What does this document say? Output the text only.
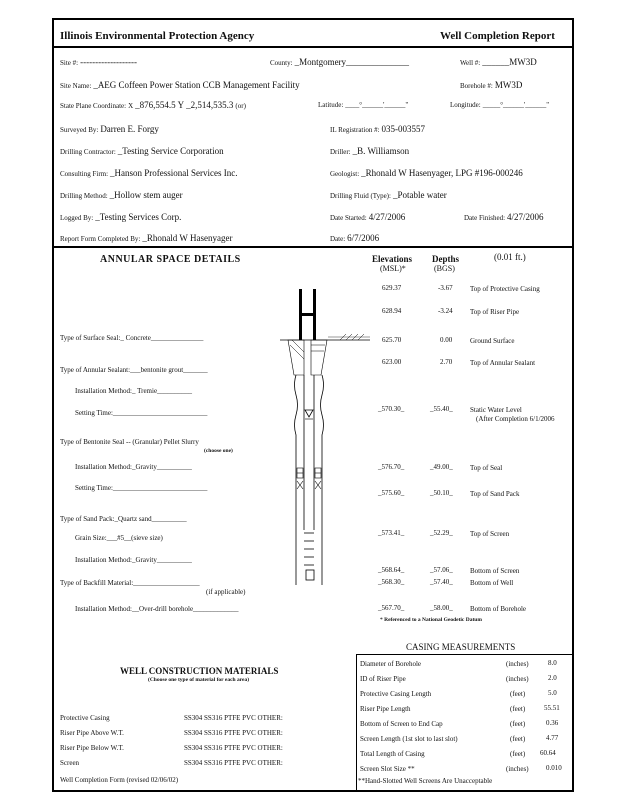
Illinois Environmental Protection Agency	Well Completion Report
Site #: -------------------	County: _Montgomery______________	Well #: ______MW3D
Site Name: _AEG Coffeen Power Station CCB Management Facility	Borehole #: MW3D
State Plane Coordinate: X _876,554.5 Y _2,514,535.3 (or)	Latitude: ____°______'______"	Longitude: _____°______'______"
Surveyed By: Darren E. Forgy	IL Registration #: 035-003557
Drilling Contractor: _Testing Service Corporation	Driller: _B. Williamson
Consulting Firm: _Hanson Professional Services Inc.	Geologist: _Rhonald W Hasenyager, LPG #196-000246
Drilling Method: _Hollow stem auger	Drilling Fluid (Type): _Potable water
Logged By: _Testing Services Corp.	Date Started: 4/27/2006	Date Finished: 4/27/2006
Report Form Completed By: _Rhonald W Hasenyager	Date: 6/7/2006
ANNULAR SPACE DETAILS	Elevations
(MSL)*
Depths
(BGS)
(0.01 ft.)
629.37	-3.67 Top of Protective Casing
628.94	-3.24 Top of Riser Pipe
625.70	0.00	Ground Surface
623.00	2.70	Top of Annular Sealant
_570.30_	_55.40_ Static Water Level
(After Completion 6/1/2006
_576.70_	_49.00_ Top of Seal
_575.60_	_50.10_ Top of Sand Pack
_573.41_	_52.29_ Top of Screen
_568.64_	_57.06_ Bottom of Screen
_568.30_	_57.40_ Bottom of Well
_567.70_	_58.00_ Bottom of Borehole
* Referenced to a National Geodetic Datum
Type of Surface Seal:_ Concrete_______________
Type of Annular Sealant:___bentonite grout_______
Installation Method:_ Tremie__________
Setting Time:___________________________
Type of Bentonite Seal -- (Granular) Pellet Slurry
(choose one)
Installation Method:_Gravity__________
Setting Time:___________________________
Type of Sand Pack:_Quartz sand__________
Grain Size:___#5__(sieve size)
Installation Method:_Gravity__________
Type of Backfill Material:___________________
(if applicable)
Installation Method:__Over-drill borehole_____________
WELL CONSTRUCTION MATERIALS
(Choose one type of material for each area)
Protective Casing	SS304 SS316 PTFE PVC OTHER:
Riser Pipe Above W.T.	SS304 SS316 PTFE PVC OTHER:
Riser Pipe Below W.T.	SS304 SS316 PTFE PVC OTHER:
Screen	SS304 SS316 PTFE PVC OTHER:
CASING MEASUREMENTS
Diameter of Borehole	(inches)	8.0
ID of Riser Pipe	(inches)	2.0
Protective Casing Length	(feet)	5.0
Riser Pipe Length	(feet)	55.51
Bottom of Screen to End Cap	(feet)	0.36
Screen Length (1st slot to last slot)	(feet)	4.77
Total Length of Casing	(feet) 60.64
Screen Slot Size **	(inches) 0.010
**Hand-Slotted Well Screens Are Unacceptable
Well Completion Form (revised 02/06/02)
